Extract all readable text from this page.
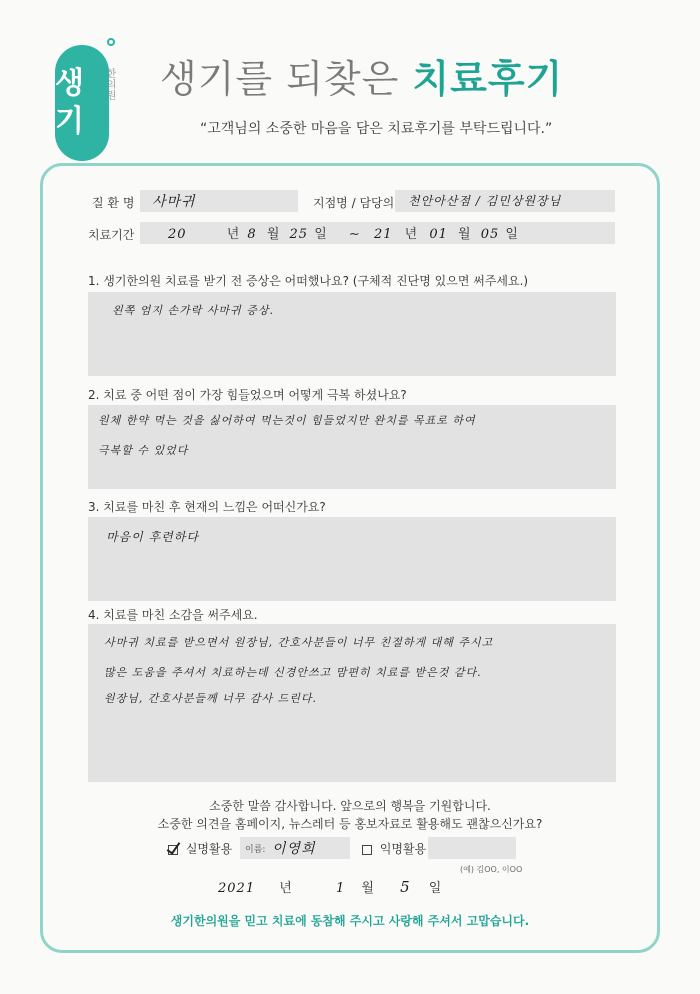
생기
한의원 생기를 되찾은 치료후기
“고객님의 소중한 마음을 담은 치료후기를 부탁드립니다.”
질 환 명 사마귀	지점명 / 담당의 천안아산점 / 김민상원장님
치료기간	20	년 8 월 25 일 ~ 21 년 01 월 05 일
1. 생기한의원 치료를 받기 전 증상은 어떠했나요? (구체적 진단명 있으면 써주세요.)
왼쪽 엄지 손가락 사마귀 증상.
2. 치료 중 어떤 점이 가장 힘들었으며 어떻게 극복 하셨나요?
원체 한약 먹는 것을 싫어하여 먹는것이 힘들었지만 완치를 목표로 하여
극복할 수 있었다
3. 치료를 마친 후 현재의 느낌은 어떠신가요?
마음이 후련하다
4. 치료를 마친 소감을 써주세요.
사마귀 치료를 받으면서 원장님, 간호사분들이 너무 친절하게 대해 주시고
많은 도움을 주셔서 치료하는데 신경안쓰고 맘편히 치료를 받은것 같다.
원장님, 간호사분들께 너무 감사 드린다.
소중한 말씀 감사합니다. 앞으로의 행복을 기원합니다.
소중한 의견을 홈페이지, 뉴스레터 등 홍보자료로 활용해도 괜찮으신가요?
실명활용 이름: 이영희	익명활용
(예) 김OO, 이OO
2021 년	1 월 5 일
생기한의원을 믿고 치료에 동참해 주시고 사랑해 주셔서 고맙습니다.
